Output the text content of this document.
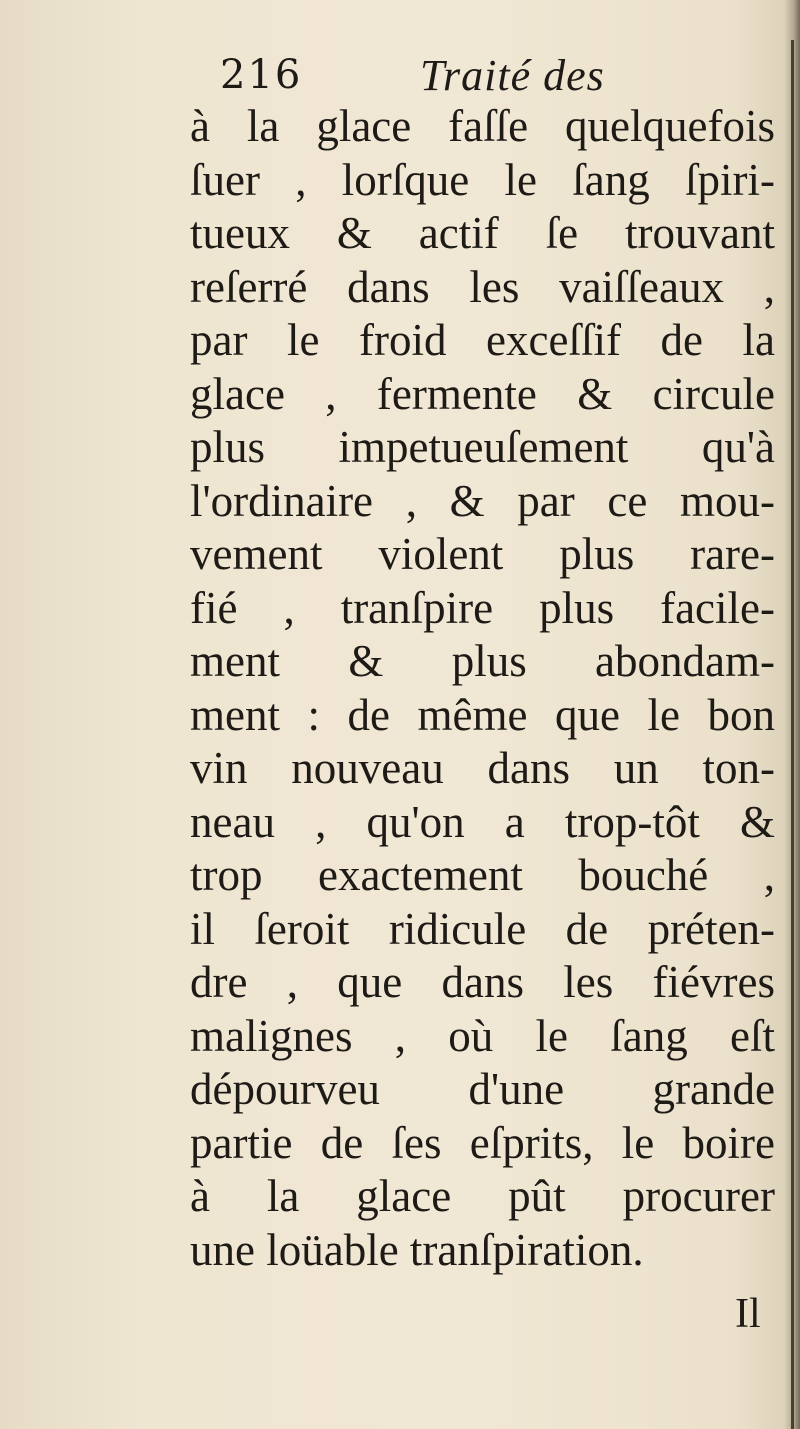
216	Traité des
à la glace faſſe quelquefois
ſuer , lorſque le ſang ſpiri-
tueux & actif ſe trouvant
reſerré dans les vaiſſeaux ,
par le froid exceſſif de la
glace , fermente & circule
plus impetueuſement qu'à
l'ordinaire , & par ce mou-
vement violent plus rare-
fié , tranſpire plus facile-
ment & plus abondam-
ment : de même que le bon
vin nouveau dans un ton-
neau , qu'on a trop-tôt &
trop exactement bouché ,
il ſeroit ridicule de préten-
dre , que dans les fiévres
malignes , où le ſang eſt
dépourveu d'une grande
partie de ſes eſprits, le boire
à la glace pût procurer
une loüable tranſpiration.
Il
